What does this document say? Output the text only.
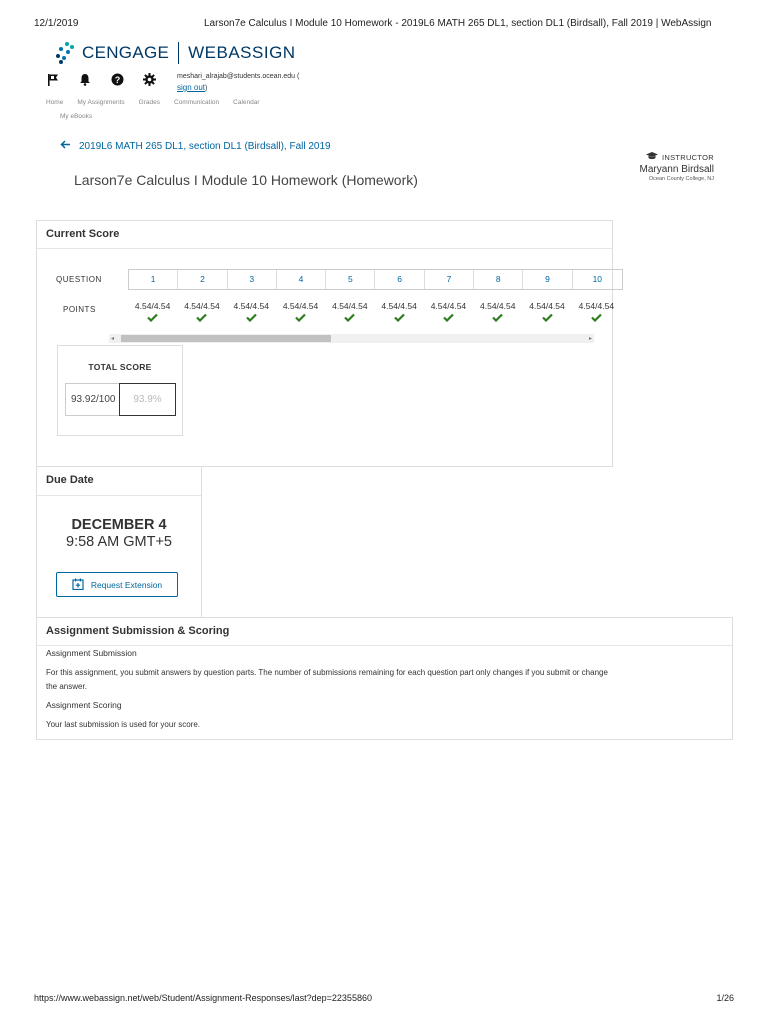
12/1/2019	Larson7e Calculus I Module 10 Homework - 2019L6 MATH 265 DL1, section DL1 (Birdsall), Fall 2019 | WebAssign
CENGAGE WEBASSIGN
?	meshari_alrajab@students.ocean.edu (
sign out)
Home My Assignments Grades Communication Calendar
My eBooks
2019L6 MATH 265 DL1, section DL1 (Birdsall), Fall 2019
Larson7e Calculus I Module 10 Homework (Homework)
INSTRUCTOR
Maryann Birdsall
Ocean County College, NJ
Current Score
QUESTION	1	2	3	4	5	6	7	8	9	10
POINTS	4.54/4.54	4.54/4.54	4.54/4.54	4.54/4.54	4.54/4.54	4.54/4.54	4.54/4.54	4.54/4.54	4.54/4.54	4.54/4.54
◂	▸
TOTAL SCORE
93.92/100	93.9%
Due Date
DECEMBER 4
9:58 AM GMT+5
Request Extension
Assignment Submission & Scoring
Assignment Submission
For this assignment, you submit answers by question parts. The number of submissions remaining for each question part only changes if you submit or change
the answer.
Assignment Scoring
Your last submission is used for your score.
https://www.webassign.net/web/Student/Assignment-Responses/last?dep=22355860	1/26
